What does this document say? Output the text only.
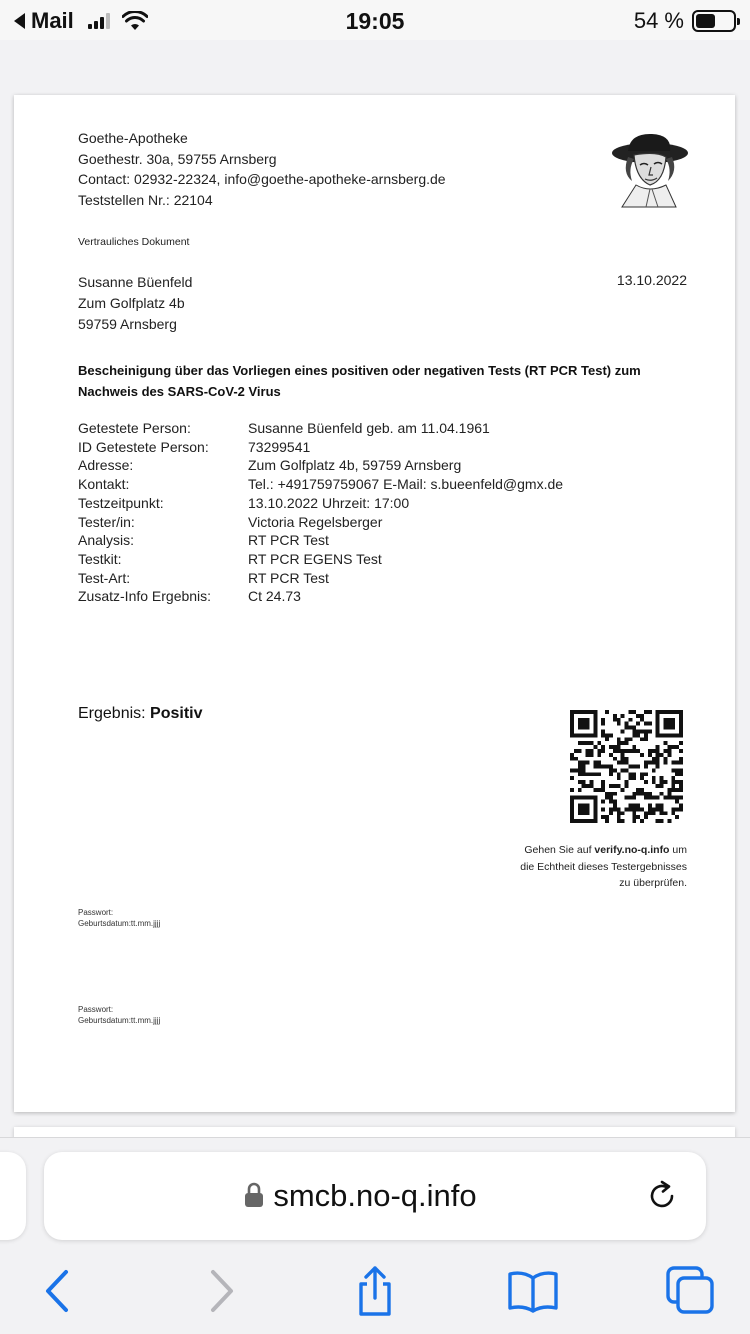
Mail	19:05	54 %
Goethe-Apotheke
Goethestr. 30a, 59755 Arnsberg
Contact: 02932-22324, info@goethe-apotheke-arnsberg.de
Teststellen Nr.: 22104
Vertrauliches Dokument
Susanne Büenfeld
Zum Golfplatz 4b
59759 Arnsberg
13.10.2022
Bescheinigung über das Vorliegen eines positiven oder negativen Tests (RT PCR Test) zum Nachweis des SARS-CoV-2 Virus
Getestete Person:	Susanne Büenfeld geb. am 11.04.1961
ID Getestete Person:	73299541
Adresse:	Zum Golfplatz 4b, 59759 Arnsberg
Kontakt:	Tel.: +491759759067 E-Mail: s.bueenfeld@gmx.de
Testzeitpunkt:	13.10.2022 Uhrzeit: 17:00
Tester/in:	Victoria Regelsberger
Analysis:	RT PCR Test
Testkit:	RT PCR EGENS Test
Test-Art:	RT PCR Test
Zusatz-Info Ergebnis:	Ct 24.73
Ergebnis: Positiv
Gehen Sie auf verify.no-q.info um
die Echtheit dieses Testergebnisses
zu überprüfen.
Passwort:
Geburtsdatum:tt.mm.jjjj
Passwort:
Geburtsdatum:tt.mm.jjjj
smcb.no-q.info
